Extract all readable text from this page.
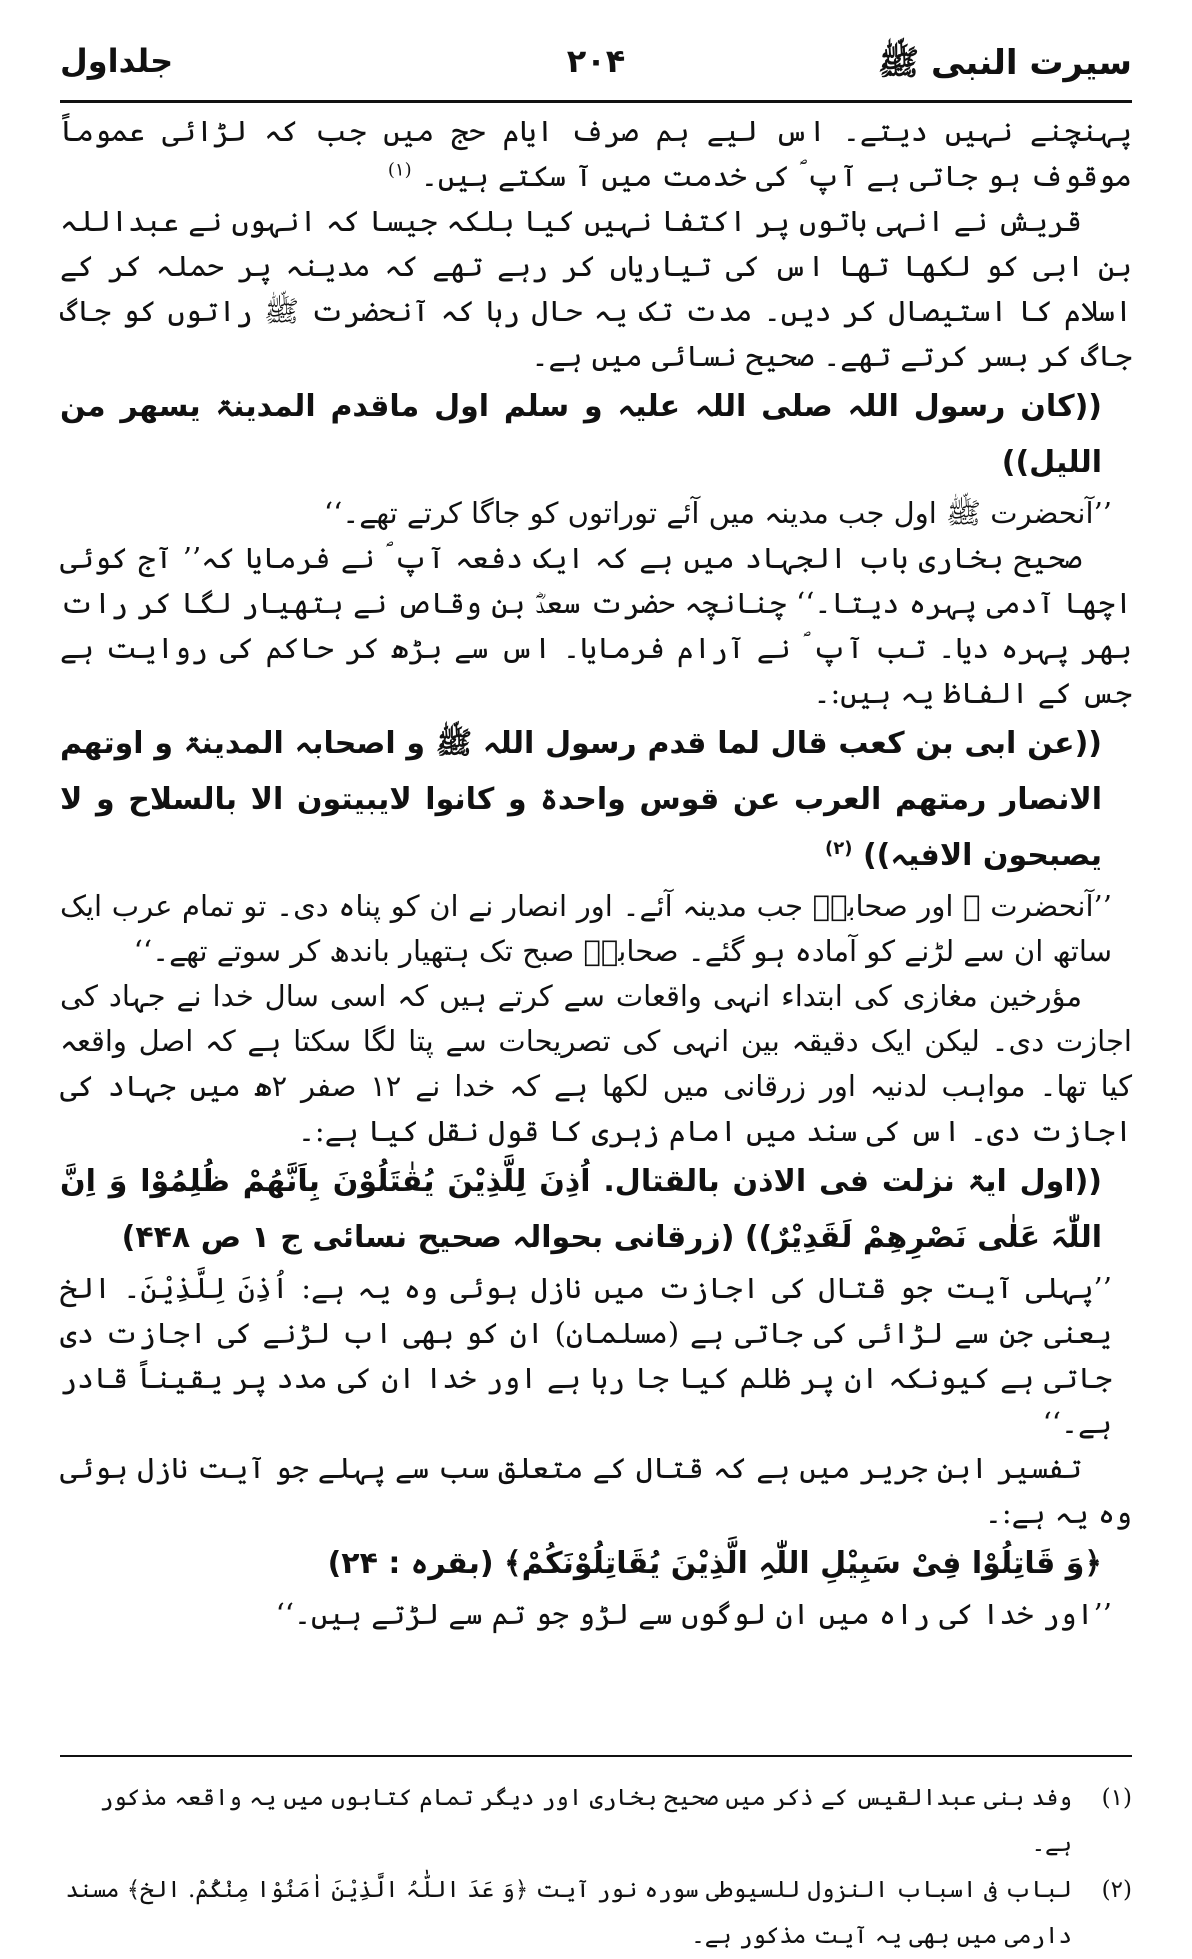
سیرت النبی ﷺ
۲۰۴
جلداول

پہنچنے نہیں دیتے۔ اس لیے ہم صرف ایام حج میں جب کہ لڑائی عموماً موقوف ہو جاتی ہے آپ ؐ کی خدمت میں آ سکتے ہیں۔ $^{(۱)}$

قریش نے انہی باتوں پر اکتفا نہیں کیا بلکہ جیسا کہ انہوں نے عبداللہ بن ابی کو لکھا تھا اس کی تیاریاں کر رہے تھے کہ مدینہ پر حملہ کر کے اسلام کا استیصال کر دیں۔ مدت تک یہ حال رہا کہ آنحضرت ﷺ راتوں کو جاگ جاگ کر بسر کرتے تھے۔ صحیح نسائی میں ہے۔

((کان رسول اللہ صلی اللہ علیہ و سلم اول ماقدم المدینۃ یسھر من اللیل))

’’آنحضرت ﷺ اول جب مدینہ میں آئے توراتوں کو جاگا کرتے تھے۔‘‘

صحیح بخاری باب الجہاد میں ہے کہ ایک دفعہ آپ ؐ نے فرمایا کہ’’ آج کوئی اچھا آدمی پہرہ دیتا۔‘‘ چنانچہ حضرت سعدؓ بن وقاص نے ہتھیار لگا کر رات بھر پہرہ دیا۔ تب آپ ؐ نے آرام فرمایا۔ اس سے بڑھ کر حاکم کی روایت ہے جس کے الفاظ یہ ہیں:۔

((عن ابی بن کعب قال لما قدم رسول اللہ ﷺ و اصحابہ المدینۃ و اوتھم الانصار رمتھم العرب عن قوس واحدۃ و کانوا لایبیتون الا بالسلاح و لا یصبحون الافیہ)) $^{(۲)}$

’’آنحضرت ﷺ اور صحابہؓ جب مدینہ آئے۔ اور انصار نے ان کو پناہ دی۔ تو تمام عرب ایک ساتھ ان سے لڑنے کو آمادہ ہو گئے۔ صحابہؓ صبح تک ہتھیار باندھ کر سوتے تھے۔‘‘

مؤرخین مغازی کی ابتداء انہی واقعات سے کرتے ہیں کہ اسی سال خدا نے جہاد کی اجازت دی۔ لیکن ایک دقیقہ بین انہی کی تصریحات سے پتا لگا سکتا ہے کہ اصل واقعہ کیا تھا۔ مواہب لدنیہ اور زرقانی میں لکھا ہے کہ خدا نے ۱۲ صفر ۲ھ میں جہاد کی اجازت دی۔ اس کی سند میں امام زہری کا قول نقل کیا ہے:۔

((اول ایۃ نزلت فی الاذن بالقتال. اُذِنَ لِلَّذِیْنَ یُقٰتَلُوْنَ بِاَنَّھُمْ ظُلِمُوْا وَ اِنَّ اللّٰہَ عَلٰی نَصْرِھِمْ لَقَدِیْرٌ)) (زرقانی بحوالہ صحیح نسائی ج ۱ ص ۴۴۸)

’’پہلی آیت جو قتال کی اجازت میں نازل ہوئی وہ یہ ہے: اُذِنَ لِلَّذِیْنَ۔ الخ یعنی جن سے لڑائی کی جاتی ہے (مسلمان) ان کو بھی اب لڑنے کی اجازت دی جاتی ہے کیونکہ ان پر ظلم کیا جا رہا ہے اور خدا ان کی مدد پر یقیناً قادر ہے۔‘‘

تفسیر ابن جریر میں ہے کہ قتال کے متعلق سب سے پہلے جو آیت نازل ہوئی وہ یہ ہے:۔

﴿وَ قَاتِلُوْا فِیْ سَبِیْلِ اللّٰہِ الَّذِیْنَ یُقَاتِلُوْنَکُمْ﴾ (بقرہ : ۲۴)

’’اور خدا کی راہ میں ان لوگوں سے لڑو جو تم سے لڑتے ہیں۔‘‘

(۱)
وفد بنی عبدالقیس کے ذکر میں صحیح بخاری اور دیگر تمام کتابوں میں یہ واقعہ مذکور ہے۔
(۲)
لباب فی اسباب النزول للسیوطی سورہ نور آیت ﴿وَ عَدَ اللّٰہُ الَّذِیْنَ اٰمَنُوْا مِنْکُمْ. الخ﴾ مسند دارمی میں بھی یہ آیت مذکور ہے۔
